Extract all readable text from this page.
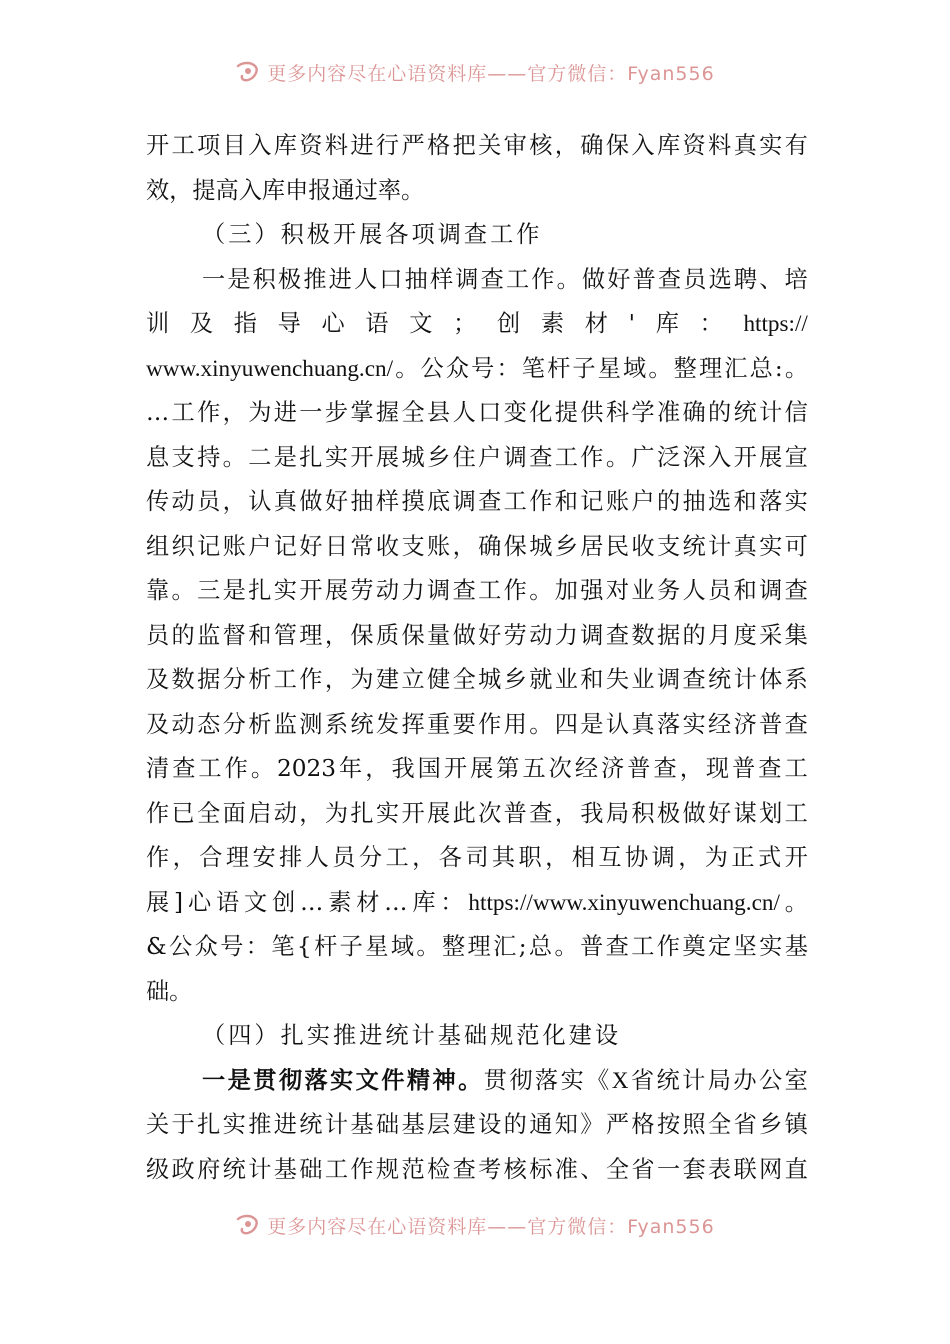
更多内容尽在心语资料库——官方微信：Fyan556
开 工 项 目 入 库 资 料 进 行 严 格 把 关 审 核 ， 确 保 入 库 资 料 真 实 有
效，提高入库申报通过率。
（ 三 ） 积 极 开 展 各 项 调 查 工 作
一 是 积 极 推 进 人 口 抽 样 调 查 工 作 。 做 好 普 查 员 选 聘 、 培
训 及 指 导 心 语 文 ； 创 素 材 ' 库 ： https://
www.xinyuwenchuang.cn/ 。 公 众 号 ： 笔 杆 子 星 域 。 整 理 汇 总 : 。
… 工 作 ， 为 进 一 步 掌 握 全 县 人 口 变 化 提 供 科 学 准 确 的 统 计 信
息 支 持 。 二 是 扎 实 开 展 城 乡 住 户 调 查 工 作 。 广 泛 深 入 开 展 宣
传 动 员 ， 认 真 做 好 抽 样 摸 底 调 查 工 作 和 记 账 户 的 抽 选 和 落 实
组 织 记 账 户 记 好 日 常 收 支 账 ， 确 保 城 乡 居 民 收 支 统 计 真 实 可
靠 。 三 是 扎 实 开 展 劳 动 力 调 查 工 作 。 加 强 对 业 务 人 员 和 调 查
员 的 监 督 和 管 理 ， 保 质 保 量 做 好 劳 动 力 调 查 数 据 的 月 度 采 集
及 数 据 分 析 工 作 ， 为 建 立 健 全 城 乡 就 业 和 失 业 调 查 统 计 体 系
及 动 态 分 析 监 测 系 统 发 挥 重 要 作 用 。 四 是 认 真 落 实 经 济 普 查
清 查 工 作 。 2023 年 ， 我 国 开 展 第 五 次 经 济 普 查 ， 现 普 查 工
作 已 全 面 启 动 ， 为 扎 实 开 展 此 次 普 查 ， 我 局 积 极 做 好 谋 划 工
作 ， 合 理 安 排 人 员 分 工 ， 各 司 其 职 ， 相 互 协 调 ， 为 正 式 开
展 ] 心 语 文 创 … 素 材 … 库 ： https://www.xinyuwenchuang.cn/ 。
& 公 众 号 ： 笔 { 杆 子 星 域 。 整 理 汇 ; 总 。 普 查 工 作 奠 定 坚 实 基
础。
（ 四 ） 扎 实 推 进 统 计 基 础 规 范 化 建 设
一 是 贯 彻 落 实 文 件 精 神 。 贯 彻 落 实 《 X 省 统 计 局 办 公 室
关 于 扎 实 推 进 统 计 基 础 基 层 建 设 的 通 知 》 严 格 按 照 全 省 乡 镇
级 政 府 统 计 基 础 工 作 规 范 检 查 考 核 标 准 、 全 省 一 套 表 联 网 直
更多内容尽在心语资料库——官方微信：Fyan556
